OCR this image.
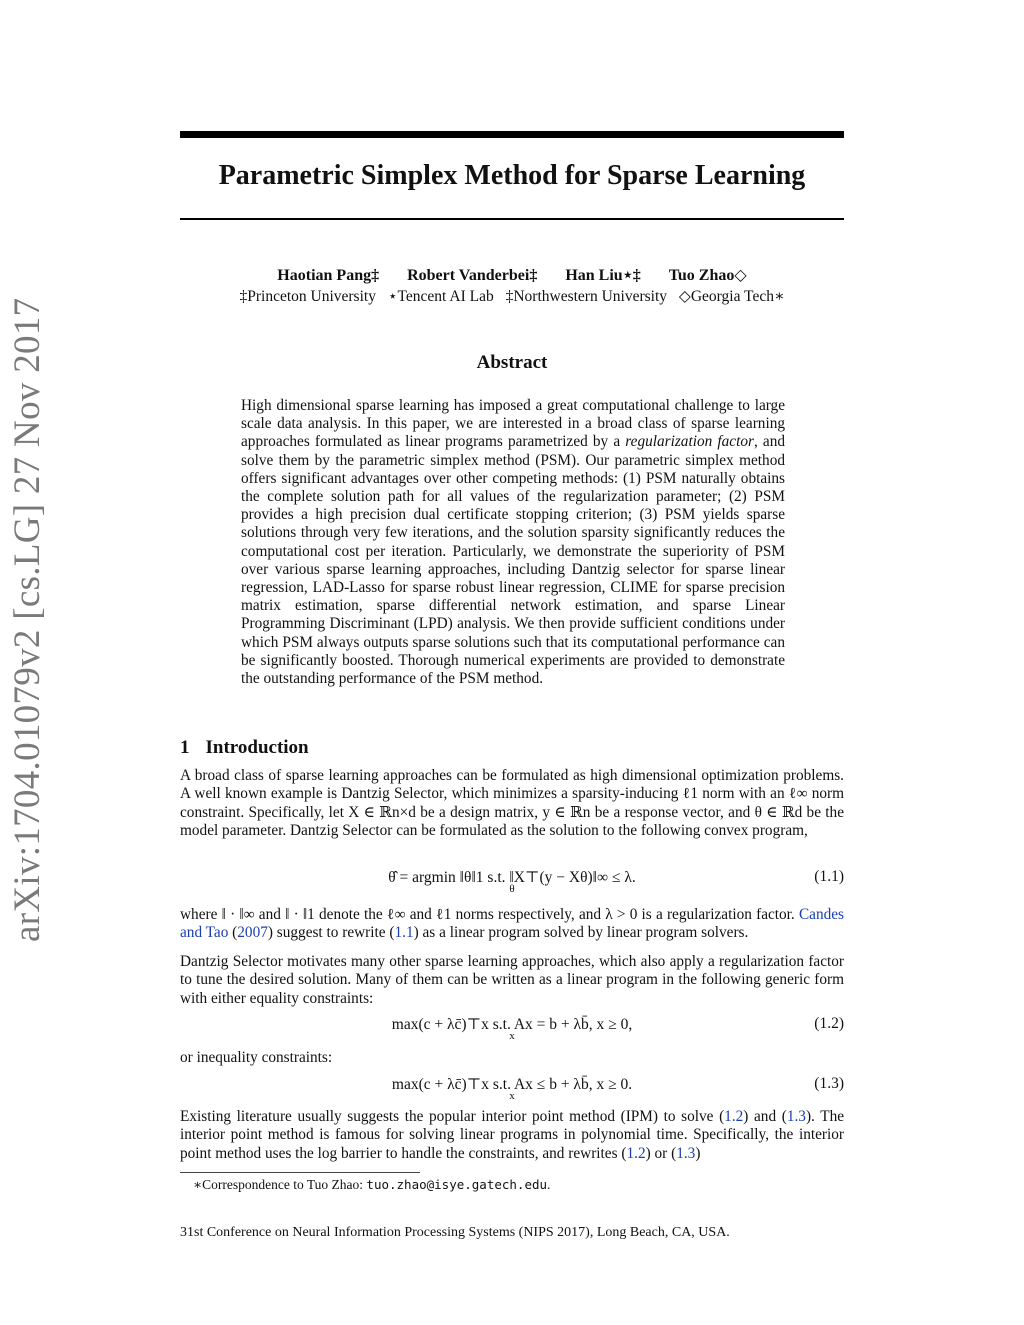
Parametric Simplex Method for Sparse Learning
Haotian Pang‡ Robert Vanderbei‡ Han Liu⋆‡ Tuo Zhao◇
‡Princeton University ⋆Tencent AI Lab ‡Northwestern University ◇Georgia Tech∗
arXiv:1704.01079v2 [cs.LG] 27 Nov 2017	Abstract
High dimensional sparse learning has imposed a great computational challenge to large scale data analysis. In this paper, we are interested in a broad class of sparse learning approaches formulated as linear programs parametrized by a regularization factor, and solve them by the parametric simplex method (PSM). Our parametric simplex method offers significant advantages over other competing methods: (1) PSM naturally obtains the complete solution path for all values of the regularization parameter; (2) PSM provides a high precision dual certificate stopping criterion; (3) PSM yields sparse solutions through very few iterations, and the solution sparsity significantly reduces the computational cost per iteration. Particularly, we demonstrate the superiority of PSM over various sparse learning approaches, including Dantzig selector for sparse linear regression, LAD-Lasso for sparse robust linear regression, CLIME for sparse precision matrix estimation, sparse differential network estimation, and sparse Linear Programming Discriminant (LPD) analysis. We then provide sufficient conditions under which PSM always outputs sparse solutions such that its computational performance can be significantly boosted. Thorough numerical experiments are provided to demonstrate the outstanding performance of the PSM method.
1 Introduction
A broad class of sparse learning approaches can be formulated as high dimensional optimization problems. A well known example is Dantzig Selector, which minimizes a sparsity-inducing ℓ1 norm with an ℓ∞ norm constraint. Specifically, let X ∈ ℝn×d be a design matrix, y ∈ ℝn be a response vector, and θ ∈ ℝd be the model parameter. Dantzig Selector can be formulated as the solution to the following convex program,
θ̂ = argmin ‖θ‖1 s.t. ‖X⊤(y − Xθ)‖∞ ≤ λ.
θ
(1.1)
where ‖ · ‖∞ and ‖ · ‖1 denote the ℓ∞ and ℓ1 norms respectively, and λ > 0 is a regularization factor. Candes and Tao (2007) suggest to rewrite (1.1) as a linear program solved by linear program solvers.
Dantzig Selector motivates many other sparse learning approaches, which also apply a regularization factor to tune the desired solution. Many of them can be written as a linear program in the following generic form with either equality constraints:
max(c + λc̄)⊤x s.t. Ax = b + λb̄, x ≥ 0,
x
(1.2)
or inequality constraints:
max(c + λc̄)⊤x s.t. Ax ≤ b + λb̄, x ≥ 0.
x
(1.3)
Existing literature usually suggests the popular interior point method (IPM) to solve (1.2) and (1.3). The interior point method is famous for solving linear programs in polynomial time. Specifically, the interior point method uses the log barrier to handle the constraints, and rewrites (1.2) or (1.3)
∗Correspondence to Tuo Zhao: tuo.zhao@isye.gatech.edu.
31st Conference on Neural Information Processing Systems (NIPS 2017), Long Beach, CA, USA.
